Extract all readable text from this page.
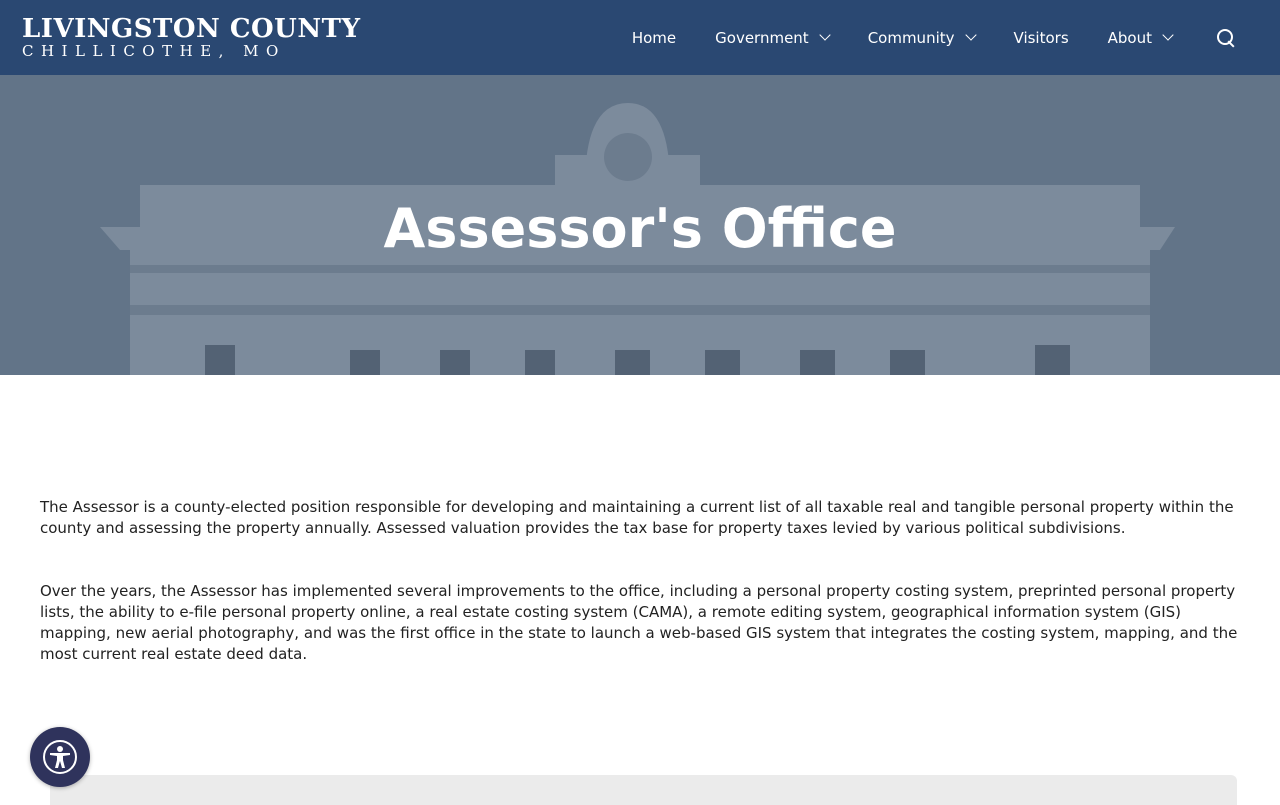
LIVINGSTON COUNTY
CHILLICOTHE, MO
Home	Government	Community	Visitors	About
Assessor's Office

The Assessor is a county-elected position responsible for developing and maintaining a current list of all taxable real and tangible personal property within the county and assessing the property annually. Assessed valuation provides the tax base for property taxes levied by various political subdivisions.

Over the years, the Assessor has implemented several improvements to the office, including a personal property costing system, preprinted personal property lists, the ability to e-file personal property online, a real estate costing system (CAMA), a remote editing system, geographical information system (GIS) mapping, new aerial photography, and was the first office in the state to launch a web-based GIS system that integrates the costing system, mapping, and the most current real estate deed data.
